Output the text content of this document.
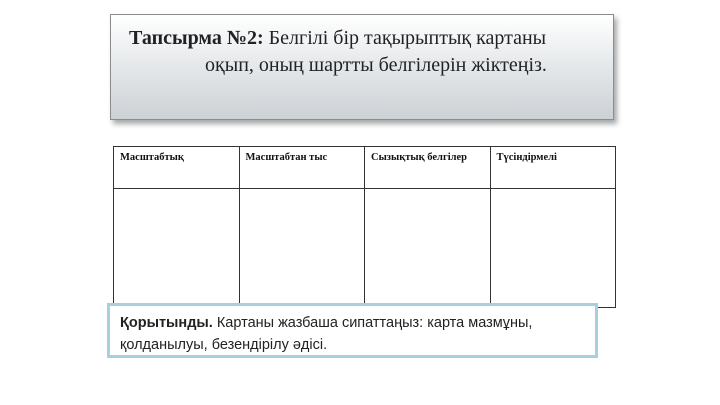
Тапсырма №2: Белгілі бір тақырыптық картаны
оқып, оның шартты белгілерін жіктеңіз.
Масштабтық	Масштабтан тыс	Сызықтық белгілер	Түсіндірмелі

Қорытынды. Картаны жазбаша сипаттаңыз: карта мазмұны,
қолданылуы, безендірілу әдісі.
